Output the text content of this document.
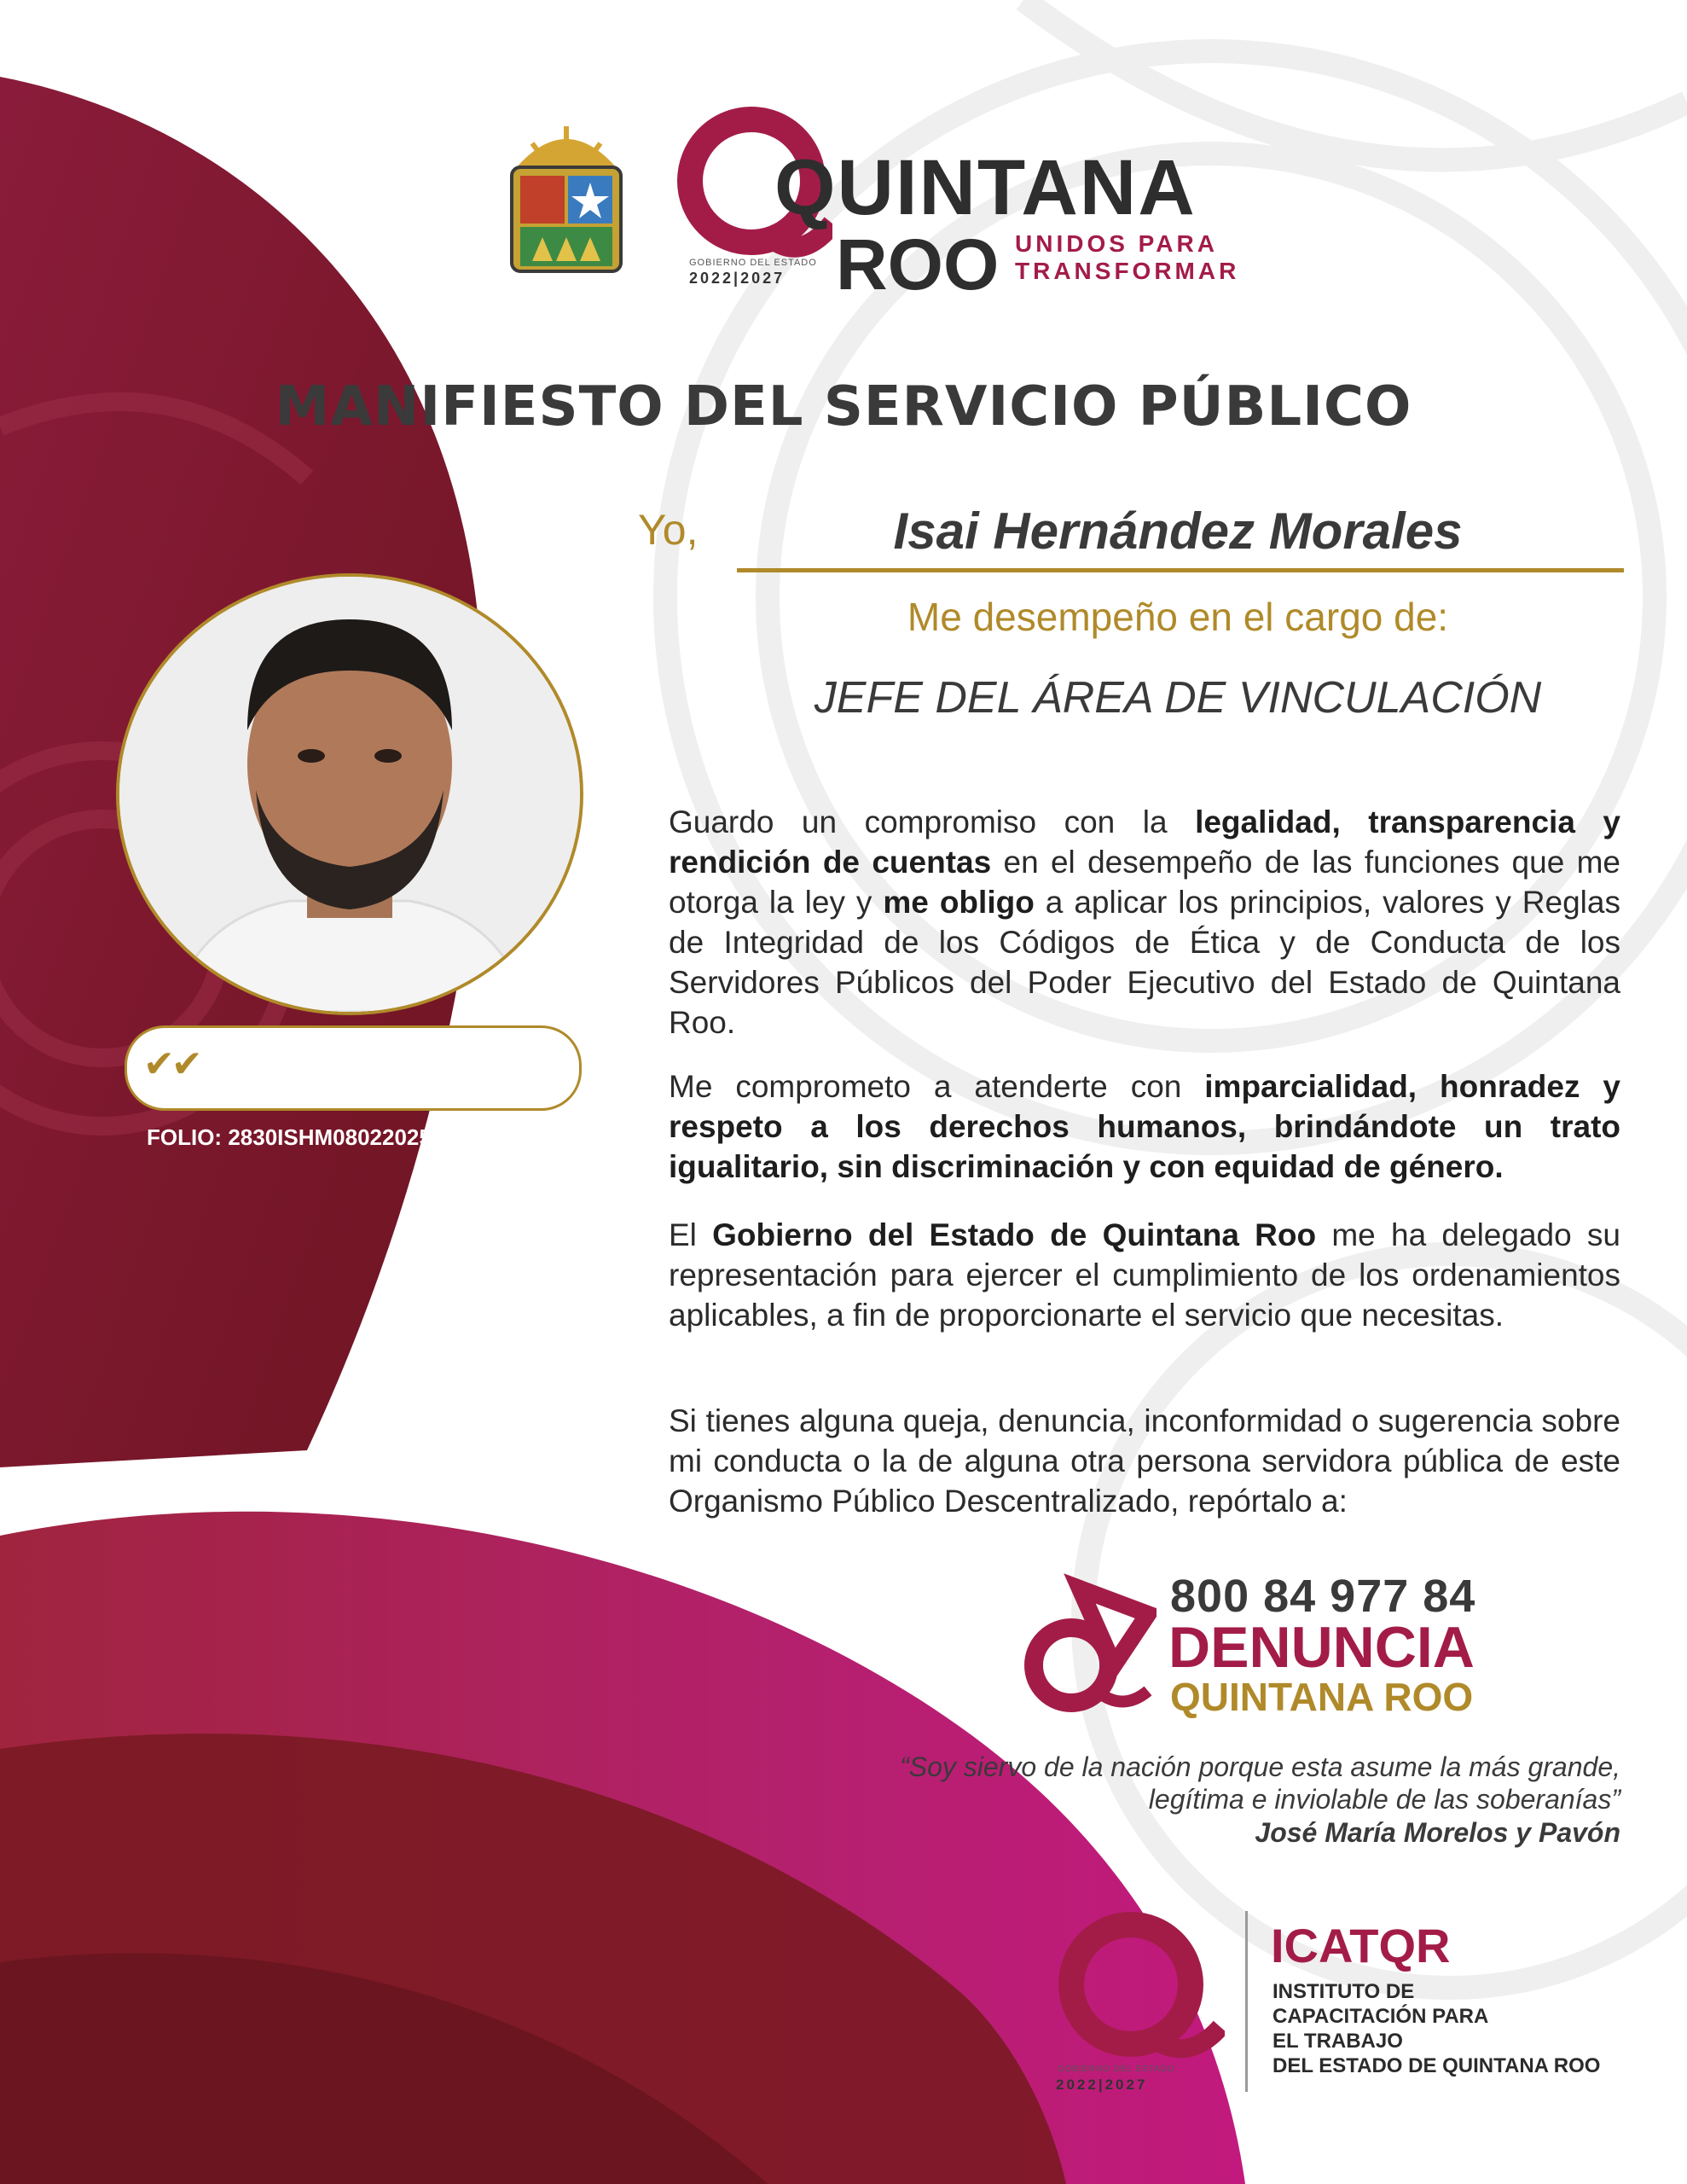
QUINTANA
ROO UNIDOS PARA
TRANSFORMAR
GOBIERNO DEL ESTADO
2022|2027
MANIFIESTO DEL SERVICIO PÚBLICO
Yo,	Isai Hernández Morales
Me desempeño en el cargo de:
JEFE DEL ÁREA DE VINCULACIÓN
✔✔
FOLIO: 2830ISHM08022025
Guardo un compromiso con la legalidad, transparencia y rendición de cuentas en el desempeño de las funciones que me otorga la ley y me obligo a aplicar los principios, valores y Reglas de Integridad de los Códigos de Ética y de Conducta de los Servidores Públicos del Poder Ejecutivo del Estado de Quintana Roo.
Me comprometo a atenderte con imparcialidad, honradez y respeto a los derechos humanos, brindándote un trato igualitario, sin discriminación y con equidad de género.
El Gobierno del Estado de Quintana Roo me ha delegado su representación para ejercer el cumplimiento de los ordenamientos aplicables, a fin de proporcionarte el servicio que necesitas.
Si tienes alguna queja, denuncia, inconformidad o sugerencia sobre mi conducta o la de alguna otra persona servidora pública de este Organismo Público Descentralizado, repórtalo a:
800 84 977 84
DENUNCIA
QUINTANA ROO
“Soy siervo de la nación porque esta asume la más grande, legítima e inviolable de las soberanías”
José María Morelos y Pavón
GOBIERNO DEL ESTADO
2022|2027
ICATQR
INSTITUTO DE
CAPACITACIÓN PARA
EL TRABAJO
DEL ESTADO DE QUINTANA ROO
